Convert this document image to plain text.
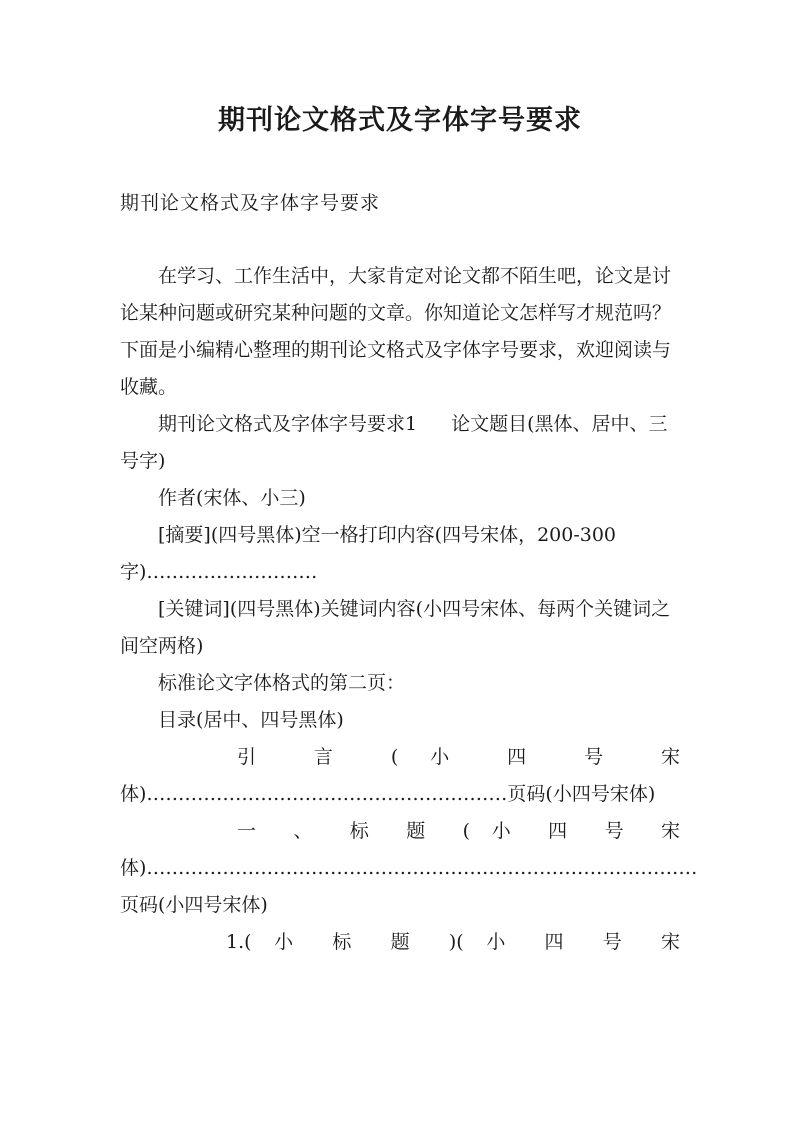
期刊论文格式及字体字号要求

期刊论文格式及字体字号要求

在学习、工作生活中，大家肯定对论文都不陌生吧，论文是讨论某种问题或研究某种问题的文章。你知道论文怎样写才规范吗？下面是小编精心整理的期刊论文格式及字体字号要求，欢迎阅读与收藏。

期刊论文格式及字体字号要求1 论文题目(黑体、居中、三号字)

作者(宋体、小三)

[摘要](四号黑体)空一格打印内容(四号宋体，200-300字)………………………

[关键词](四号黑体)关键词内容(小四号宋体、每两个关键词之间空两格)

标准论文字体格式的第二页：

目录(居中、四号黑体)

引 言 ( 小 四 号 宋

体)…………………………………………………页码(小四号宋体)

一 、 标 题 ( 小 四 号 宋

体)……………………………………………………………………………页码(小四号宋体)

1.( 小 标 题 )( 小 四 号 宋
